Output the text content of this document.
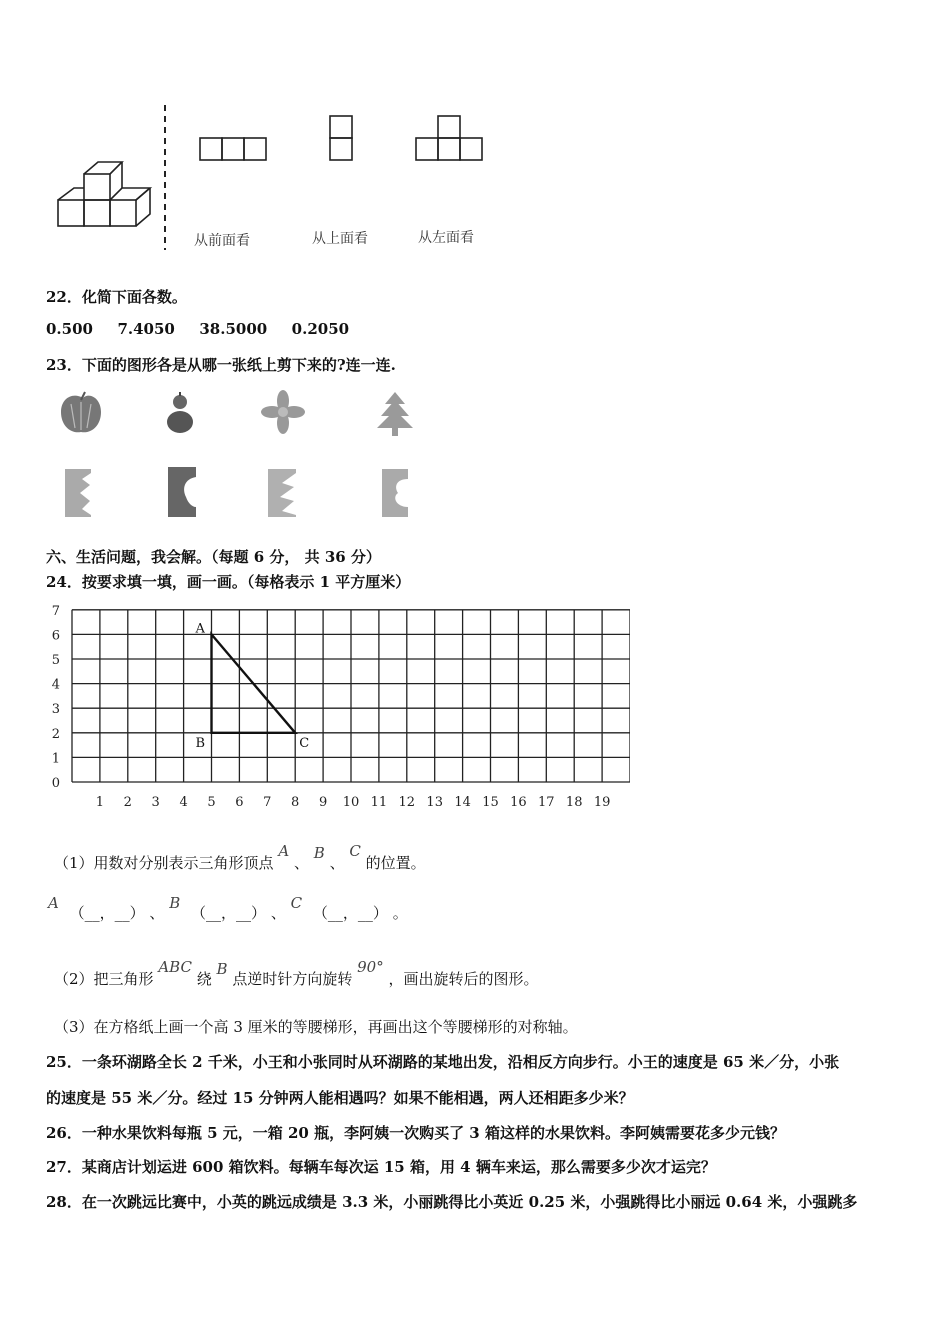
从前面看	从上面看	从左面看
22．化简下面各数。
0.500 7.4050 38.5000 0.2050
23．下面的图形各是从哪一张纸上剪下来的?连一连.
六、生活问题，我会解。（每题 6 分， 共 36 分）
24．按要求填一填，画一画。（每格表示 1 平方厘米）
1 2 3 4 5 6 7 8 9 10 11 12 13 14 15 16 17 18 19
0
1
2
3
4
5
6
7
A
B	C
（1）用数对分别表示三角形顶点 A 、 B 、 C 的位置。
A （__，__） 、 B （__，__） 、 C （__，__） 。
（2）把三角形 ABC 绕 B 点逆时针方向旋转 90° ，画出旋转后的图形。
（3）在方格纸上画一个高 3 厘米的等腰梯形，再画出这个等腰梯形的对称轴。
25．一条环湖路全长 2 千米，小王和小张同时从环湖路的某地出发，沿相反方向步行。小王的速度是 65 米／分，小张
的速度是 55 米／分。经过 15 分钟两人能相遇吗？如果不能相遇，两人还相距多少米？
26．一种水果饮料每瓶 5 元，一箱 20 瓶，李阿姨一次购买了 3 箱这样的水果饮料。李阿姨需要花多少元钱？
27．某商店计划运进 600 箱饮料。每辆车每次运 15 箱，用 4 辆车来运，那么需要多少次才运完？
28．在一次跳远比赛中，小英的跳远成绩是 3.3 米，小丽跳得比小英近 0.25 米，小强跳得比小丽远 0.64 米，小强跳多
